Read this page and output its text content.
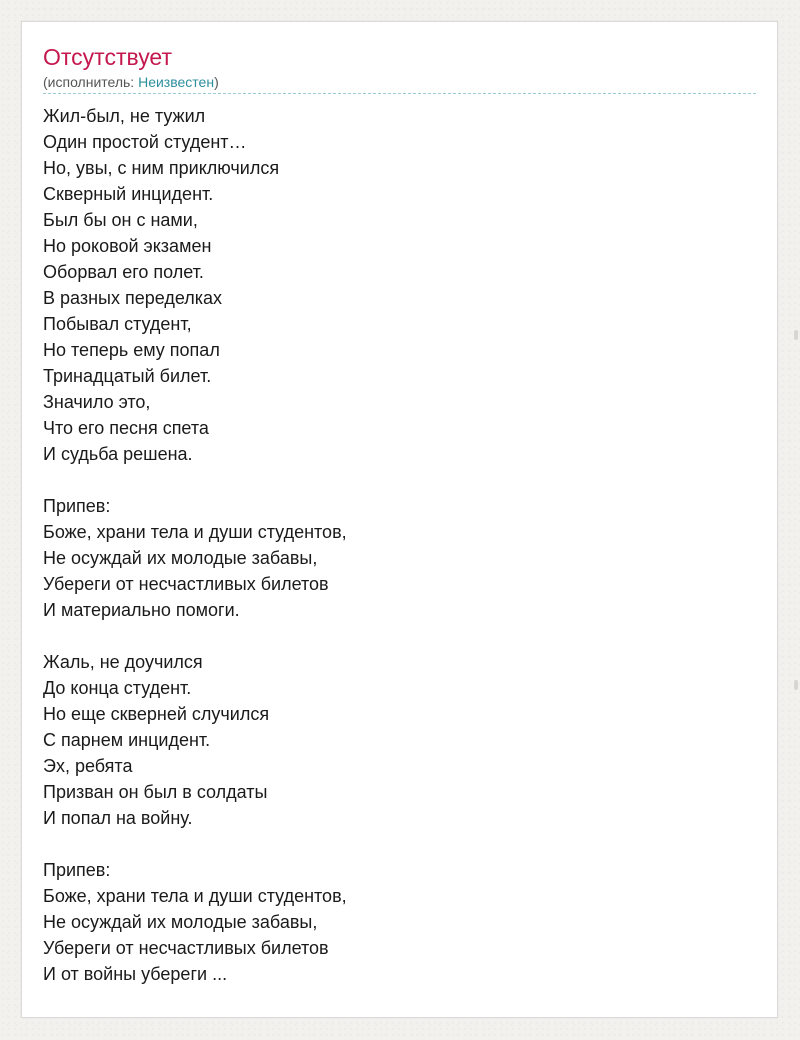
Отсутствует
(исполнитель: Неизвестен)
Жил-был, не тужил
Один простой студент…
Но, увы, с ним приключился
Скверный инцидент.
Был бы он с нами,
Но роковой экзамен
Оборвал его полет.
В разных переделках
Побывал студент,
Но теперь ему попал
Тринадцатый билет.
Значило это,
Что его песня спета
И судьба решена.
Припев:
Боже, храни тела и души студентов,
Не осуждай их молодые забавы,
Убереги от несчастливых билетов
И материально помоги.
Жаль, не доучился
До конца студент.
Но еще скверней случился
С парнем инцидент.
Эх, ребята
Призван он был в солдаты
И попал на войну.
Припев:
Боже, храни тела и души студентов,
Не осуждай их молодые забавы,
Убереги от несчастливых билетов
И от войны убереги ...
